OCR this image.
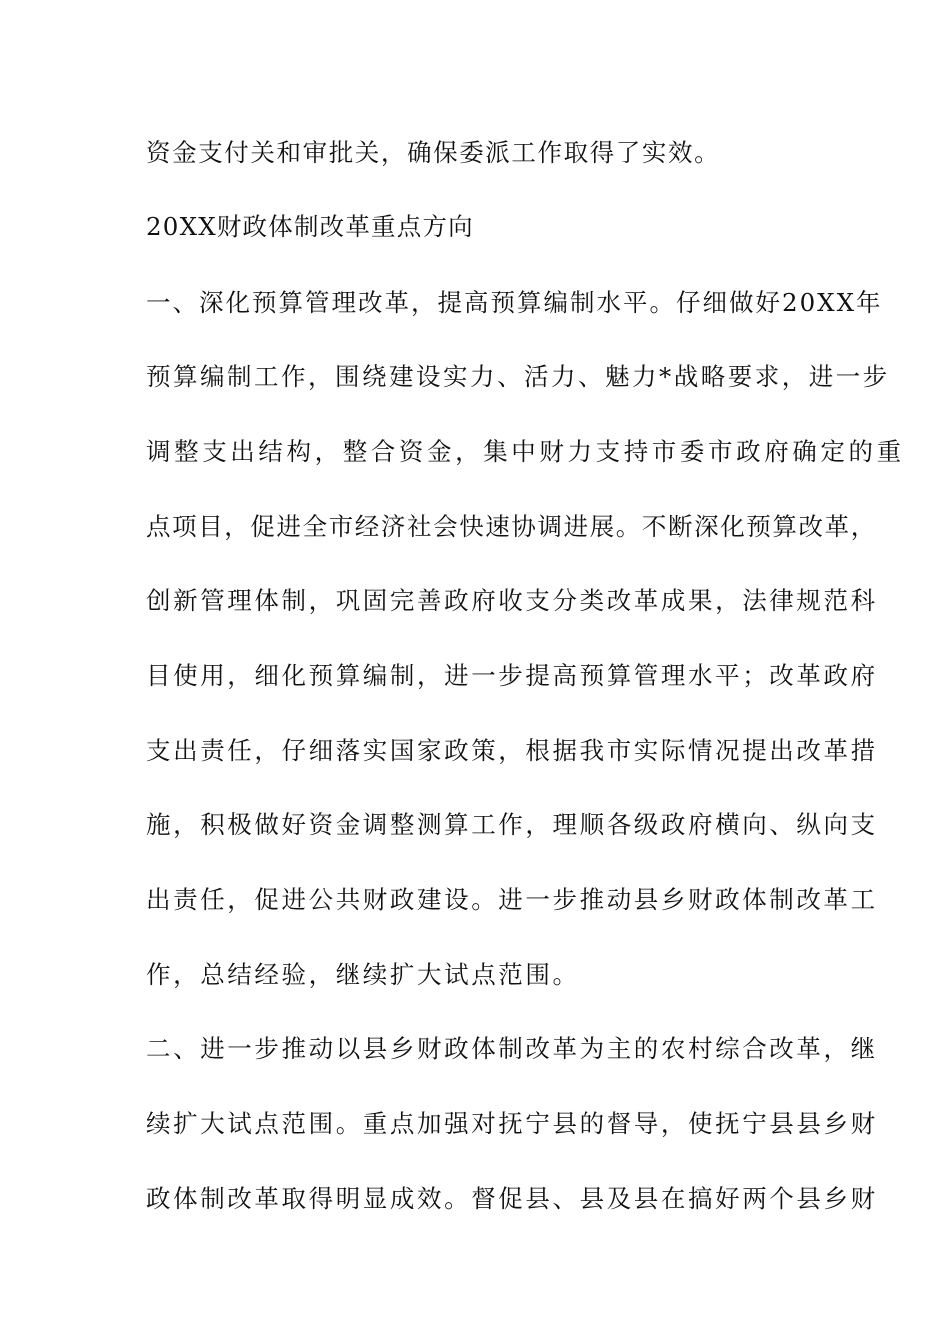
资金支付关和审批关，确保委派工作取得了实效。
20XX财政体制改革重点方向
一、深化预算管理改革，提高预算编制水平。仔细做好20XX年
预算编制工作，围绕建设实力、活力、魅力*战略要求，进一步
调整支出结构，整合资金，集中财力支持市委市政府确定的重
点项目，促进全市经济社会快速协调进展。不断深化预算改革，
创新管理体制，巩固完善政府收支分类改革成果，法律规范科
目使用，细化预算编制，进一步提高预算管理水平；改革政府
支出责任，仔细落实国家政策，根据我市实际情况提出改革措
施，积极做好资金调整测算工作，理顺各级政府横向、纵向支
出责任，促进公共财政建设。进一步推动县乡财政体制改革工
作，总结经验，继续扩大试点范围。
二、进一步推动以县乡财政体制改革为主的农村综合改革，继
续扩大试点范围。重点加强对抚宁县的督导，使抚宁县县乡财
政体制改革取得明显成效。督促县、县及县在搞好两个县乡财
